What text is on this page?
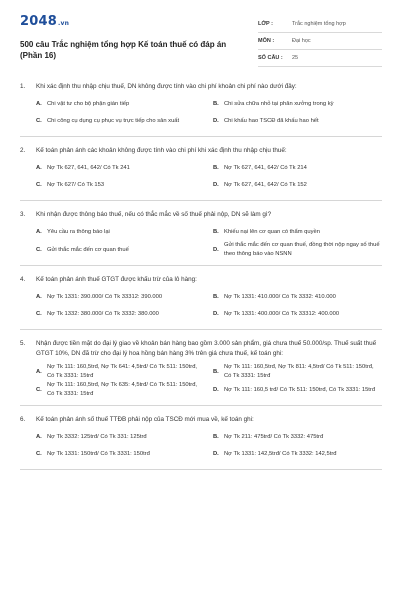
2048.vn
500 câu Trắc nghiệm tổng hợp Kế toán thuế có đáp án (Phần 16)
LỚP :	Trắc nghiệm tổng hợp
MÔN :	Đại học
SỐ CÂU :	25
1.	Khi xác định thu nhập chịu thuế, DN không được tính vào chi phí khoản chi phí nào dưới đây:
A. Chi vật tư cho bộ phận gián tiếp	B. Chi sửa chữa nhỏ tại phân xưởng trong kỳ
C. Chi công cụ dụng cụ phục vụ trực tiếp cho sản xuất	D. Chi khấu hao TSCĐ đã khấu hao hết
2.	Kế toán phản ánh các khoản không được tính vào chi phí khi xác định thu nhập chịu thuế:
A. Nợ Tk 627, 641, 642/ Có Tk 241	B. Nợ Tk 627, 641, 642/ Có Tk 214
C. Nợ Tk 627/ Có Tk 153	D. Nợ Tk 627, 641, 642/ Có Tk 152
3.	Khi nhận được thông báo thuế, nếu có thắc mắc về số thuế phải nộp, DN sẽ làm gì?
A. Yêu cầu ra thông báo lại	B. Khiếu nại lên cơ quan có thẩm quyền
C. Gửi thắc mắc đến cơ quan thuế	D.
Gửi thắc mắc đến cơ quan thuế, đồng thời nộp ngay số thuế theo thông báo vào NSNN
4.	Kế toán phản ánh thuế GTGT được khấu trừ của lô hàng:
A. Nợ Tk 1331: 390.000/ Có Tk 33312: 390.000	B. Nợ Tk 1331: 410.000/ Có Tk 3332: 410.000
C. Nợ Tk 1332: 380.000/ Có Tk 3332: 380.000	D. Nợ Tk 1331: 400.000/ Có Tk 33312: 400.000
5.	Nhận được tiền mặt do đại lý giao về khoản bán hàng bao gồm 3.000 sản phẩm, giá chưa thuế 50.000/sp. Thuế suất thuế GTGT 10%, DN đã trừ cho đại lý hoa hồng bán hàng 3% trên giá chưa thuế, kế toán ghi:
A.
Nợ Tk 111: 160,5trđ, Nợ Tk 641: 4,5trđ/ Có Tk 511: 150trđ, Có Tk 3331: 15trđ
B.
Nợ Tk 111: 160,5trđ, Nợ Tk 811: 4,5trđ/ Có Tk 511: 150trđ, Có Tk 3331: 15trđ
C.
Nợ Tk 111: 160,5trđ, Nợ Tk 635: 4,5trđ/ Có Tk 511: 150trđ, Có Tk 3331: 15trđ
D. Nợ Tk 111: 160,5 trđ/ Có Tk 511: 150trđ, Có Tk 3331: 15trđ
6.	Kế toán phản ánh số thuế TTĐB phải nộp của TSCĐ mới mua về, kế toán ghi:
A. Nợ Tk 3332: 125trđ/ Có Tk 331: 125trđ	B. Nợ Tk 211: 475trđ/ Có Tk 3332: 475trđ
C. Nợ Tk 1331: 150trđ/ Có Tk 3331: 150trđ	D. Nợ Tk 1331: 142,5trđ/ Có Tk 3332: 142,5trđ
